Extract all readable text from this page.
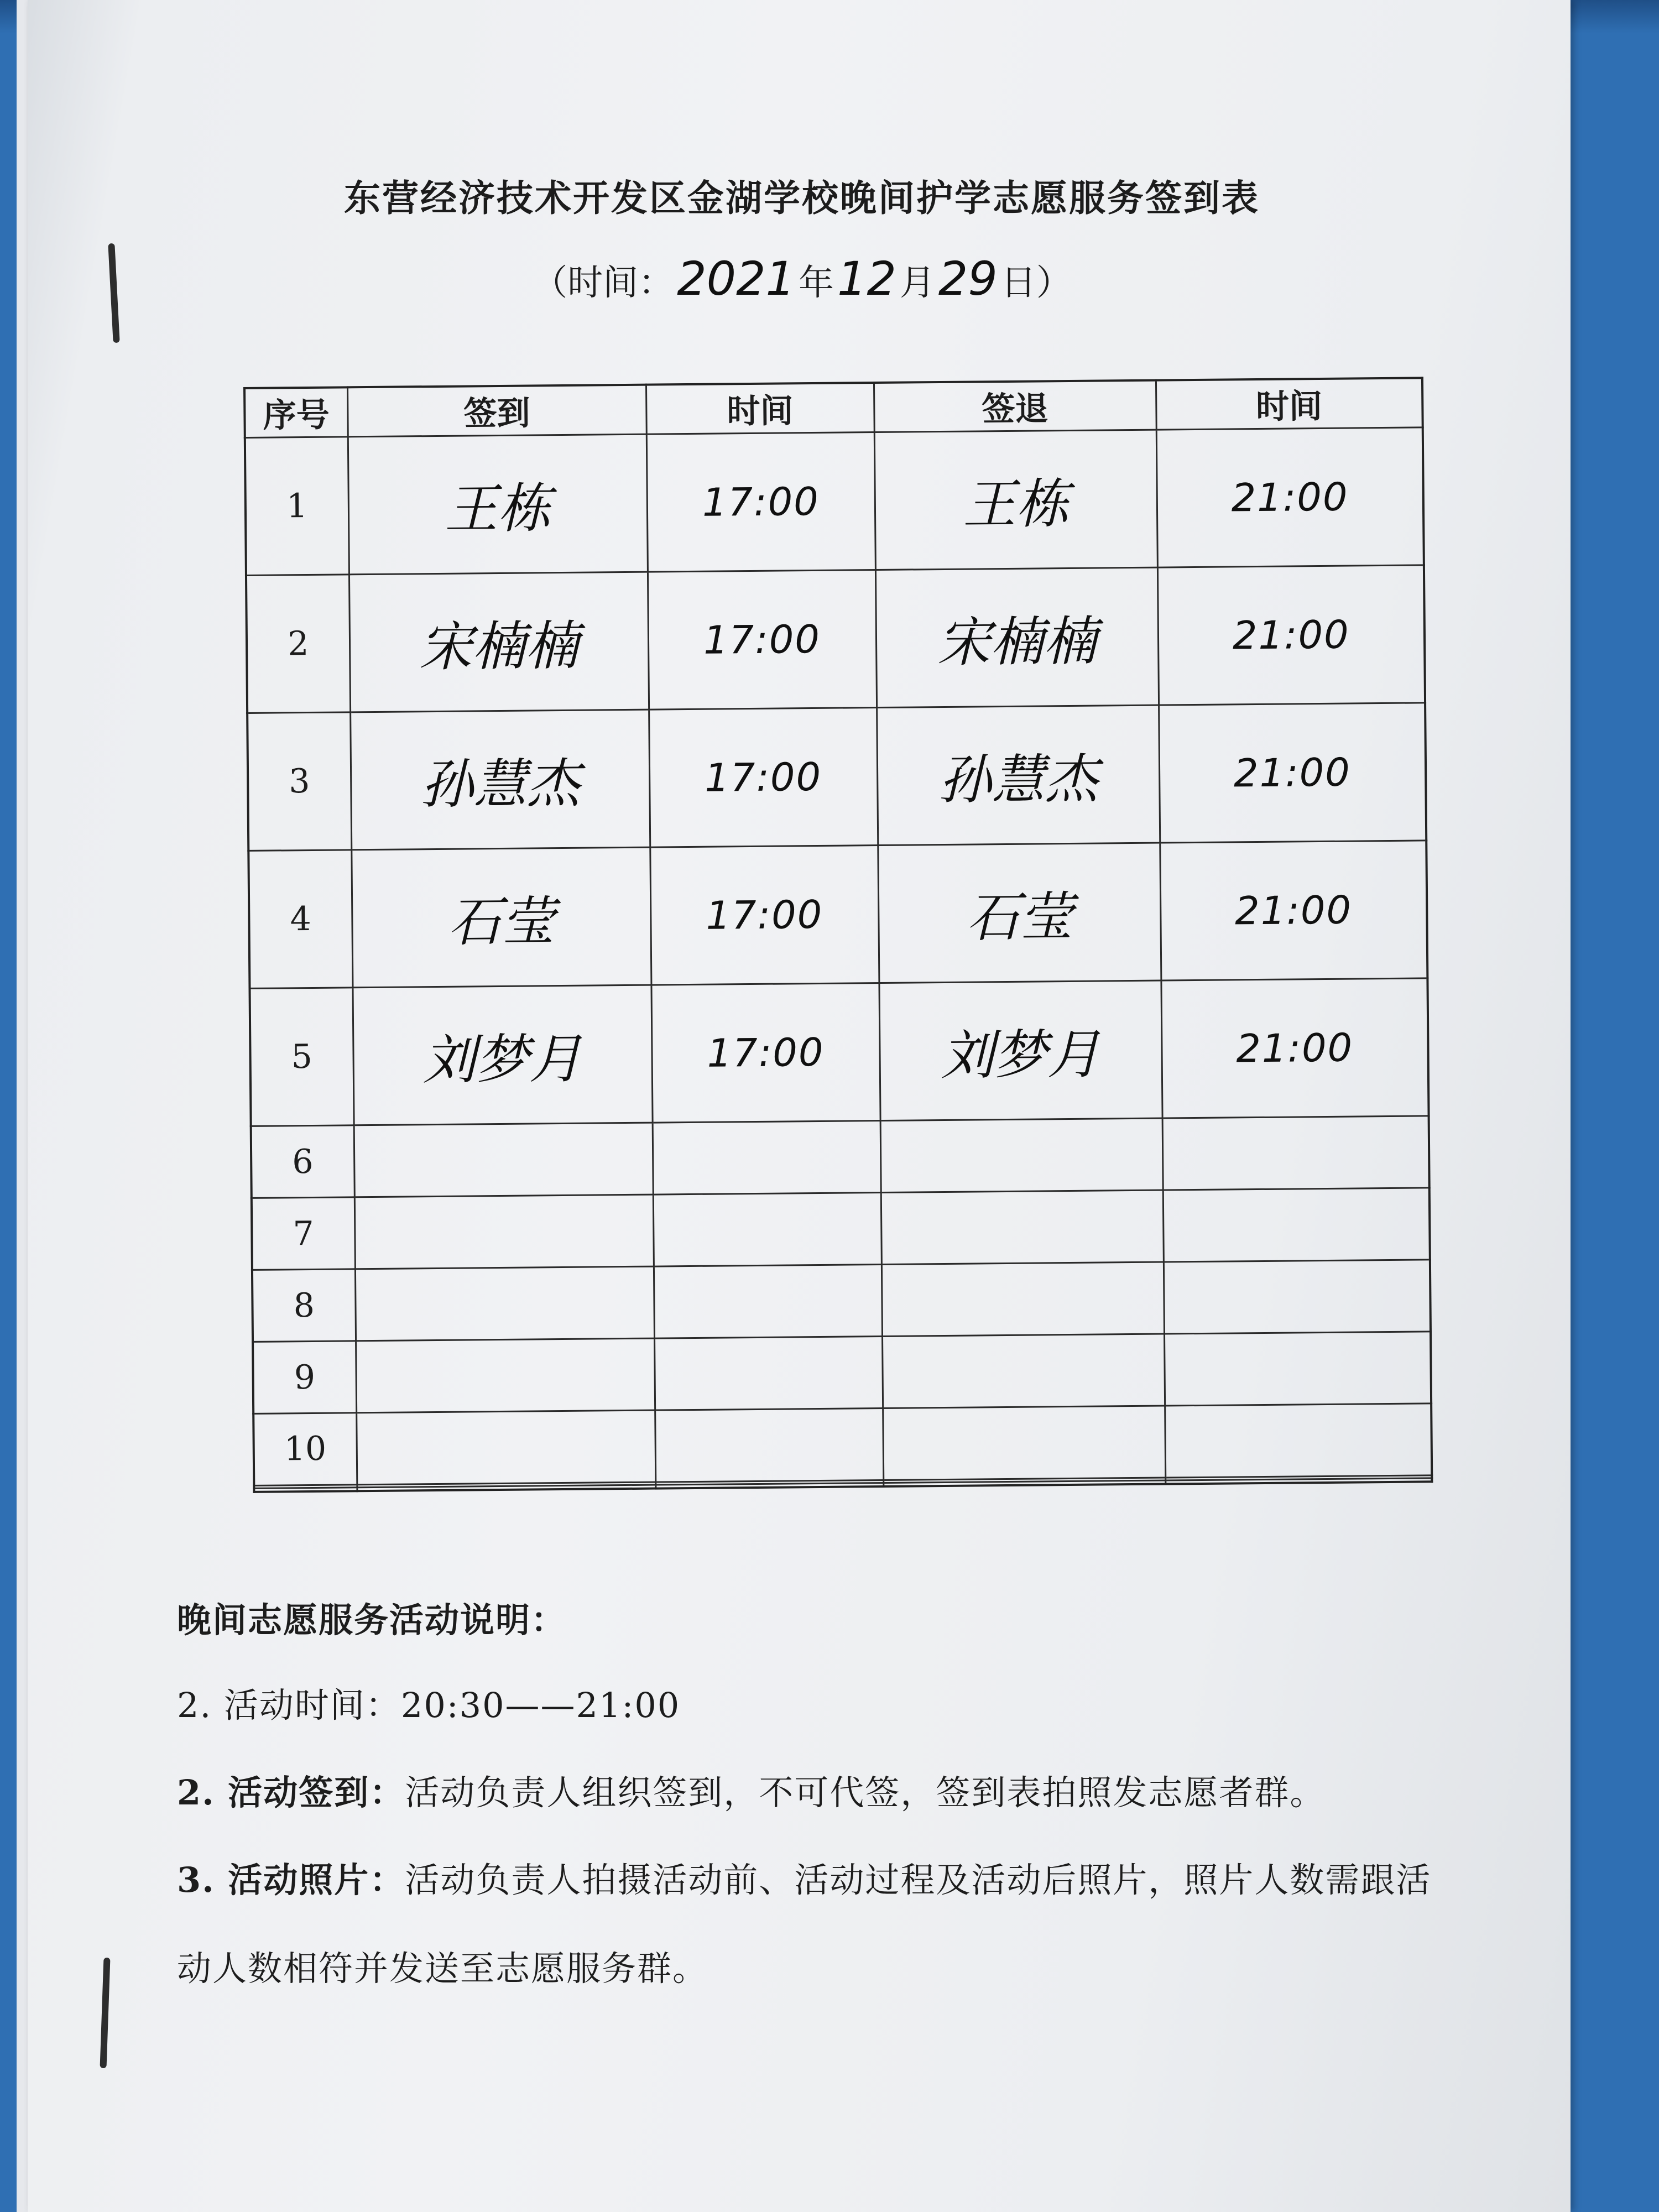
东营经济技术开发区金湖学校晚间护学志愿服务签到表
（时间：2021年12月29日）
序号	签到	时间	签退	时间
1	王栋	17:00	王栋	21:00
2	宋楠楠	17:00	宋楠楠	21:00
3	孙慧杰	17:00	孙慧杰	21:00
4	石莹	17:00	石莹	21:00
5	刘梦月	17:00	刘梦月	21:00
6				
7				
8				
9				
10				

晚间志愿服务活动说明：
2. 活动时间：20:30——21:00
2. 活动签到：活动负责人组织签到，不可代签，签到表拍照发志愿者群。
3. 活动照片：活动负责人拍摄活动前、活动过程及活动后照片，照片人数需跟活
动人数相符并发送至志愿服务群。
